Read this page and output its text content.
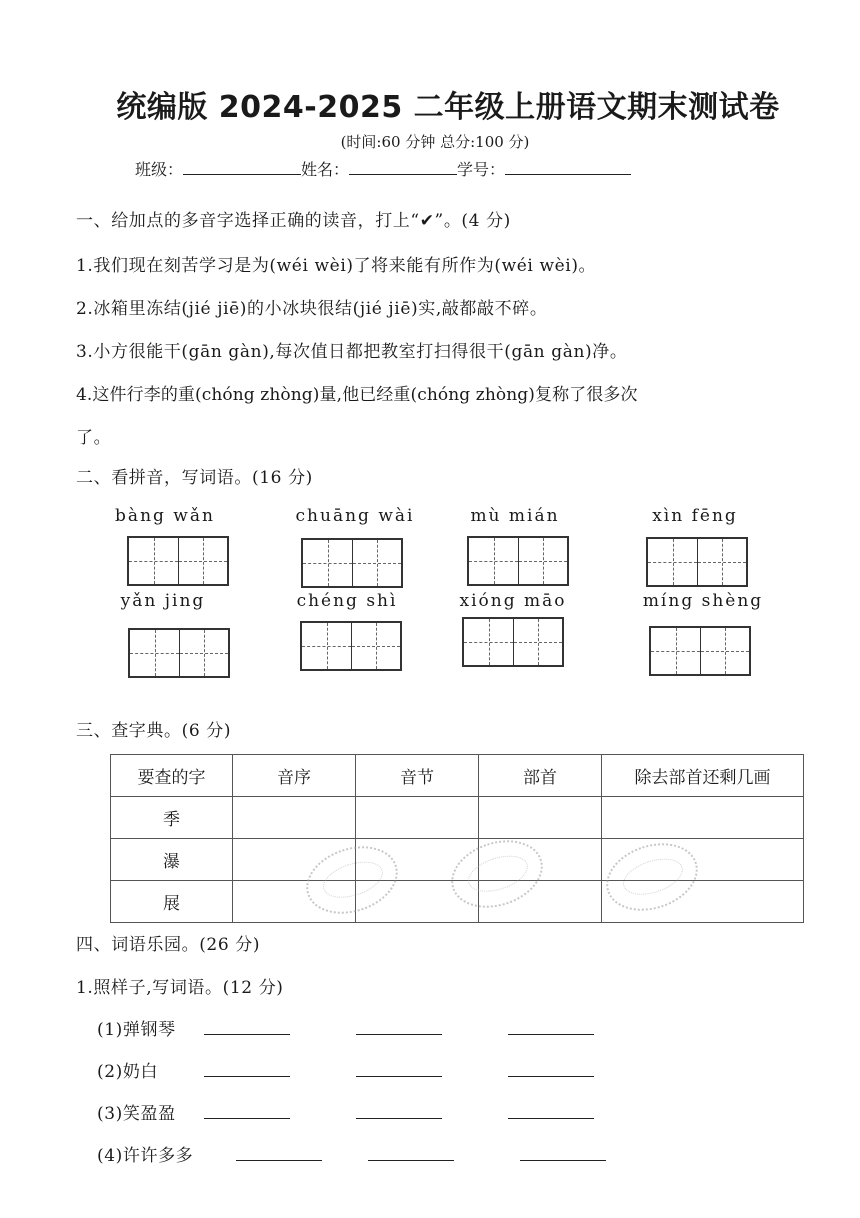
统编版 2024-2025 二年级上册语文期末测试卷
(时间:60 分钟 总分:100 分)
班级：	姓名：	学号：
一、给加点的多音字选择正确的读音，打上“✔”。(4 分)
1.我们现在刻苦学习是为(wéi wèi)了将来能有所作为(wéi wèi)。
2.冰箱里冻结(jié jiē)的小冰块很结(jié jiē)实,敲都敲不碎。
3.小方很能干(gān gàn),每次值日都把教室打扫得很干(gān gàn)净。
4.这件行李的重(chóng zhòng)量,他已经重(chóng zhòng)复称了很多次
了。
二、看拼音，写词语。(16 分)
bàng wǎn	chuāng wài	mù mián	xìn fēng
yǎn jing	chéng shì	xióng māo	míng shèng
三、查字典。(6 分)
要查的字	音序	音节	部首	除去部首还剩几画
季				
瀑				
展				
四、词语乐园。(26 分)
1.照样子,写词语。(12 分)
(1)弹钢琴
(2)奶白
(3)笑盈盈
(4)许许多多
